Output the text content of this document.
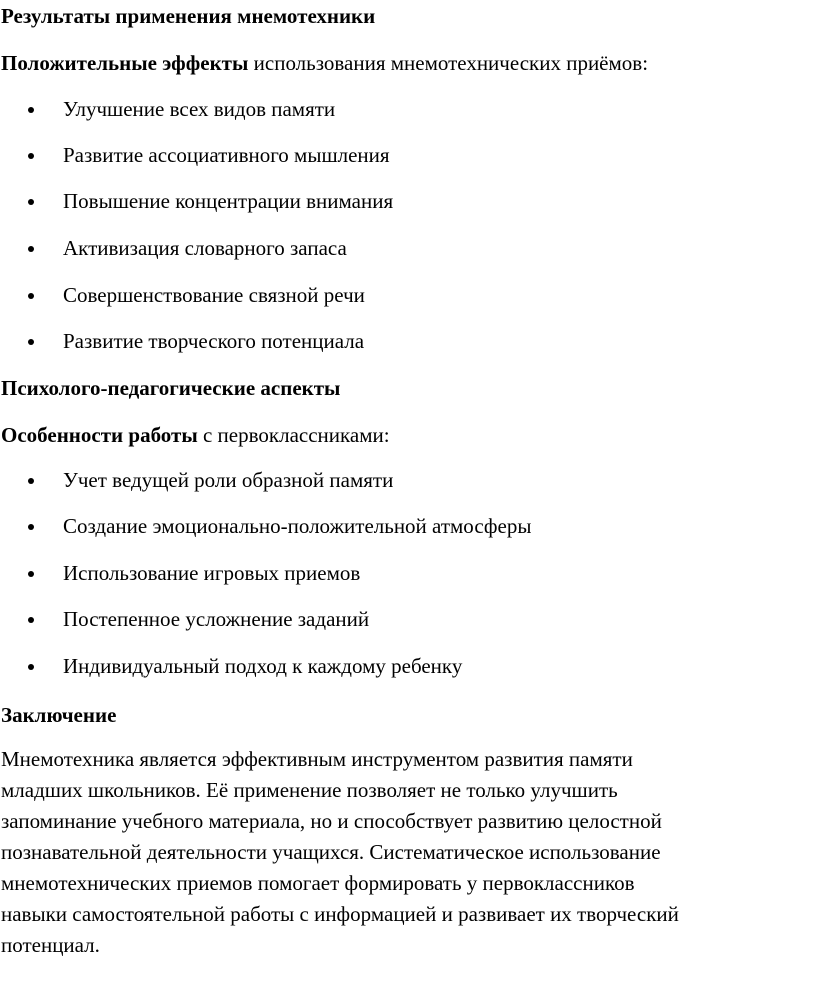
Результаты применения мнемотехники
Положительные эффекты использования мнемотехнических приёмов:
Улучшение всех видов памяти
Развитие ассоциативного мышления
Повышение концентрации внимания
Активизация словарного запаса
Совершенствование связной речи
Развитие творческого потенциала
Психолого-педагогические аспекты
Особенности работы с первоклассниками:
Учет ведущей роли образной памяти
Создание эмоционально-положительной атмосферы
Использование игровых приемов
Постепенное усложнение заданий
Индивидуальный подход к каждому ребенку
Заключение
Мнемотехника является эффективным инструментом развития памяти
младших школьников. Её применение позволяет не только улучшить
запоминание учебного материала, но и способствует развитию целостной
познавательной деятельности учащихся. Систематическое использование
мнемотехнических приемов помогает формировать у первоклассников
навыки самостоятельной работы с информацией и развивает их творческий
потенциал.
